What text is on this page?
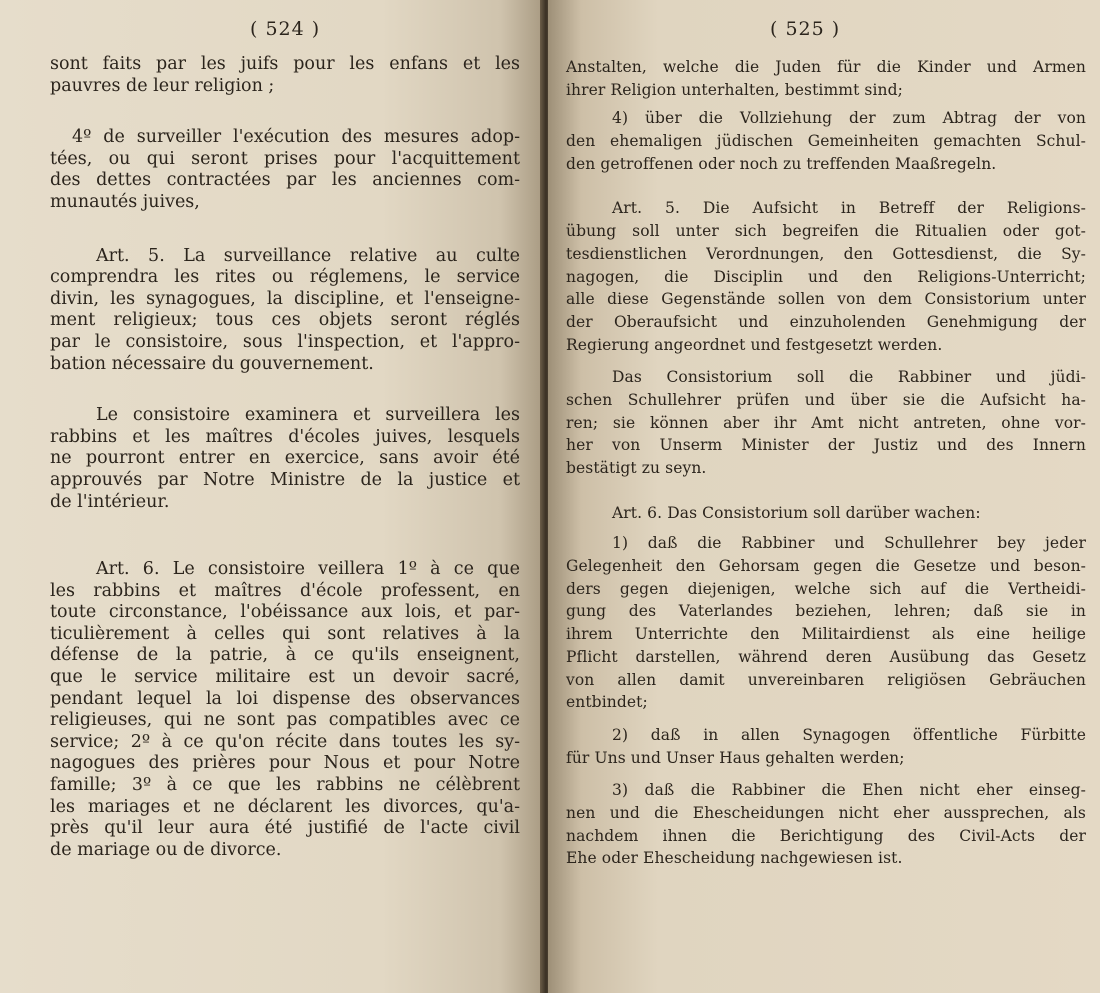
( 524 )
sont faits par les juifs pour les enfans et les
pauvres de leur religion ;
4º de surveiller l'exécution des mesures adop-
tées, ou qui seront prises pour l'acquittement
des dettes contractées par les anciennes com-
munautés juives,
Art. 5. La surveillance relative au culte
comprendra les rites ou réglemens, le service
divin, les synagogues, la discipline, et l'enseigne-
ment religieux; tous ces objets seront réglés
par le consistoire, sous l'inspection, et l'appro-
bation nécessaire du gouvernement.
Le consistoire examinera et surveillera les
rabbins et les maîtres d'écoles juives, lesquels
ne pourront entrer en exercice, sans avoir été
approuvés par Notre Ministre de la justice et
de l'intérieur.
Art. 6. Le consistoire veillera 1º à ce que
les rabbins et maîtres d'école professent, en
toute circonstance, l'obéissance aux lois, et par-
ticulièrement à celles qui sont relatives à la
défense de la patrie, à ce qu'ils enseignent,
que le service militaire est un devoir sacré,
pendant lequel la loi dispense des observances
religieuses, qui ne sont pas compatibles avec ce
service; 2º à ce qu'on récite dans toutes les sy-
nagogues des prières pour Nous et pour Notre
famille; 3º à ce que les rabbins ne célèbrent
les mariages et ne déclarent les divorces, qu'a-
près qu'il leur aura été justifié de l'acte civil
de mariage ou de divorce.
( 525 )
Anstalten, welche die Juden für die Kinder und Armen
ihrer Religion unterhalten, bestimmt sind;
4) über die Vollziehung der zum Abtrag der von
den ehemaligen jüdischen Gemeinheiten gemachten Schul-
den getroffenen oder noch zu treffenden Maaßregeln.
Art. 5. Die Aufsicht in Betreff der Religions-
übung soll unter sich begreifen die Ritualien oder got-
tesdienstlichen Verordnungen, den Gottesdienst, die Sy-
nagogen, die Disciplin und den Religions-Unterricht;
alle diese Gegenstände sollen von dem Consistorium unter
der Oberaufsicht und einzuholenden Genehmigung der
Regierung angeordnet und festgesetzt werden.
Das Consistorium soll die Rabbiner und jüdi-
schen Schullehrer prüfen und über sie die Aufsicht ha-
ren; sie können aber ihr Amt nicht antreten, ohne vor-
her von Unserm Minister der Justiz und des Innern
bestätigt zu seyn.
Art. 6. Das Consistorium soll darüber wachen:
1) daß die Rabbiner und Schullehrer bey jeder
Gelegenheit den Gehorsam gegen die Gesetze und beson-
ders gegen diejenigen, welche sich auf die Vertheidi-
gung des Vaterlandes beziehen, lehren; daß sie in
ihrem Unterrichte den Militairdienst als eine heilige
Pflicht darstellen, während deren Ausübung das Gesetz
von allen damit unvereinbaren religiösen Gebräuchen
entbindet;
2) daß in allen Synagogen öffentliche Fürbitte
für Uns und Unser Haus gehalten werden;
3) daß die Rabbiner die Ehen nicht eher einseg-
nen und die Ehescheidungen nicht eher aussprechen, als
nachdem ihnen die Berichtigung des Civil-Acts der
Ehe oder Ehescheidung nachgewiesen ist.
